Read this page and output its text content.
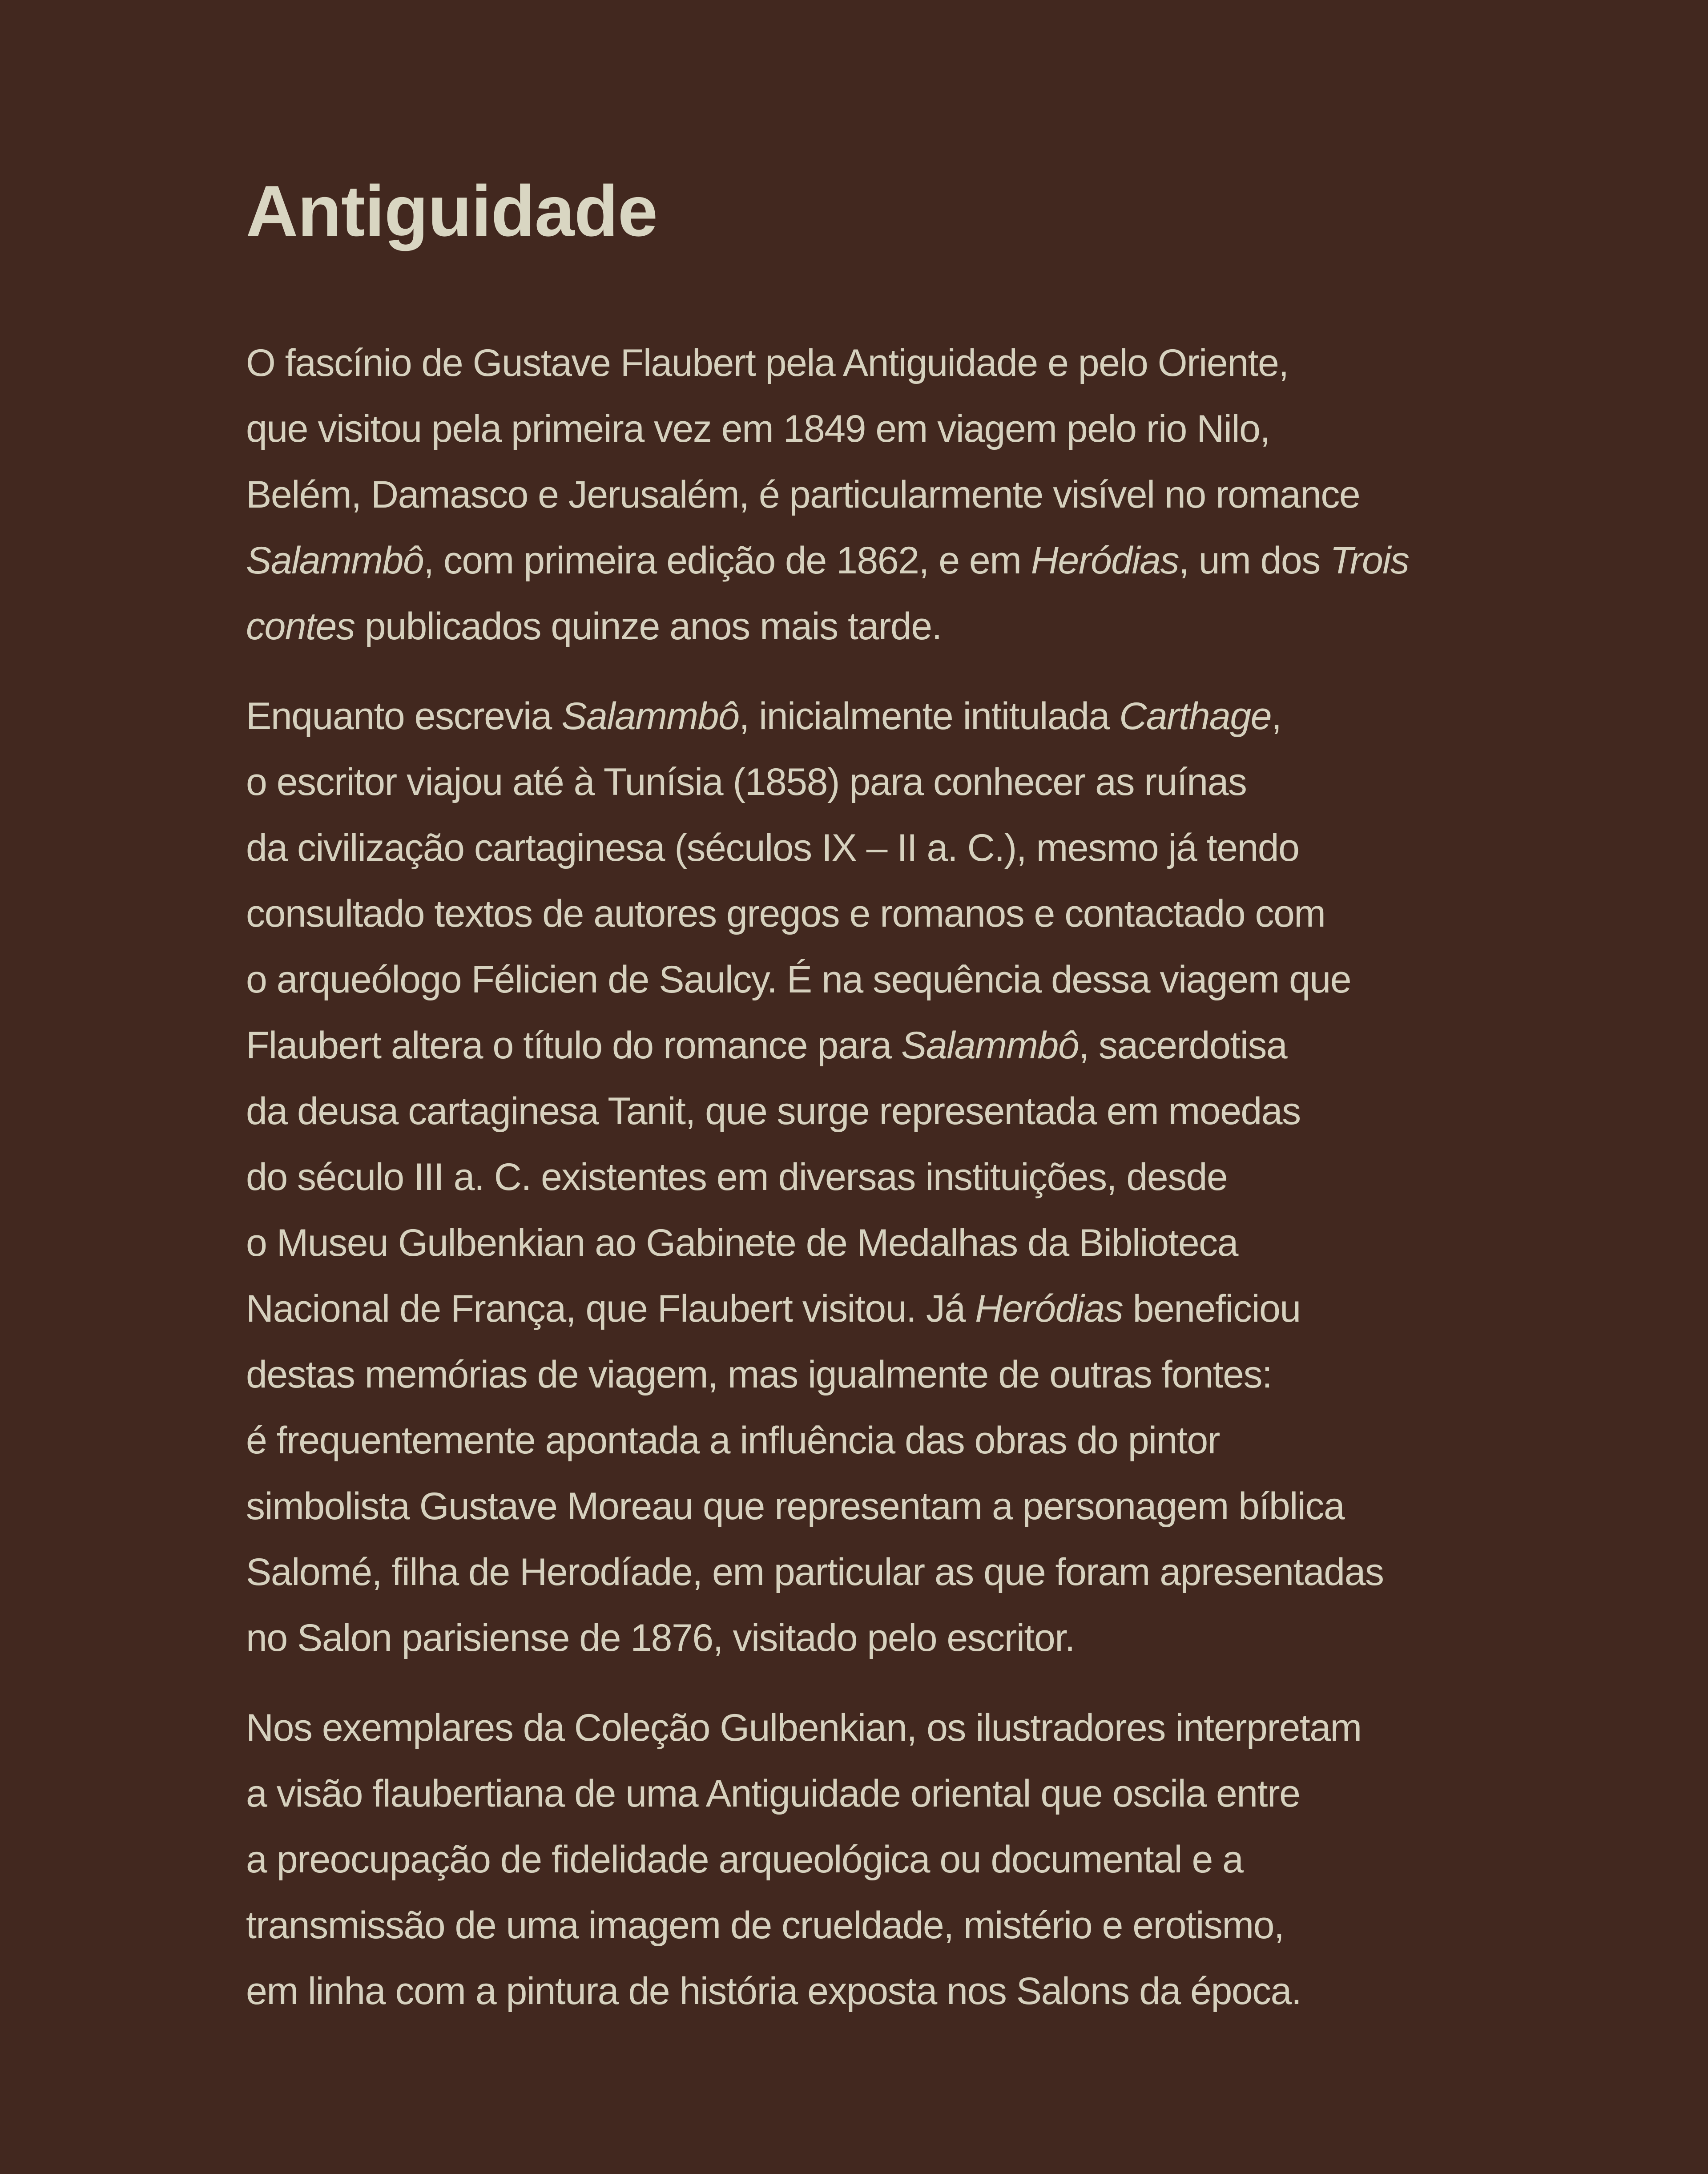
Antiguidade

O fascínio de Gustave Flaubert pela Antiguidade e pelo Oriente,
que visitou pela primeira vez em 1849 em viagem pelo rio Nilo,
Belém, Damasco e Jerusalém, é particularmente visível no romance
Salammbô, com primeira edição de 1862, e em Heródias, um dos Trois
contes publicados quinze anos mais tarde.

Enquanto escrevia Salammbô, inicialmente intitulada Carthage,
o escritor viajou até à Tunísia (1858) para conhecer as ruínas
da civilização cartaginesa (séculos IX – II a. C.), mesmo já tendo
consultado textos de autores gregos e romanos e contactado com
o arqueólogo Félicien de Saulcy. É na sequência dessa viagem que
Flaubert altera o título do romance para Salammbô, sacerdotisa
da deusa cartaginesa Tanit, que surge representada em moedas
do século III a. C. existentes em diversas instituições, desde
o Museu Gulbenkian ao Gabinete de Medalhas da Biblioteca
Nacional de França, que Flaubert visitou. Já Heródias beneficiou
destas memórias de viagem, mas igualmente de outras fontes:
é frequentemente apontada a influência das obras do pintor
simbolista Gustave Moreau que representam a personagem bíblica
Salomé, filha de Herodíade, em particular as que foram apresentadas
no Salon parisiense de 1876, visitado pelo escritor.

Nos exemplares da Coleção Gulbenkian, os ilustradores interpretam
a visão flaubertiana de uma Antiguidade oriental que oscila entre
a preocupação de fidelidade arqueológica ou documental e a
transmissão de uma imagem de crueldade, mistério e erotismo,
em linha com a pintura de história exposta nos Salons da época.
